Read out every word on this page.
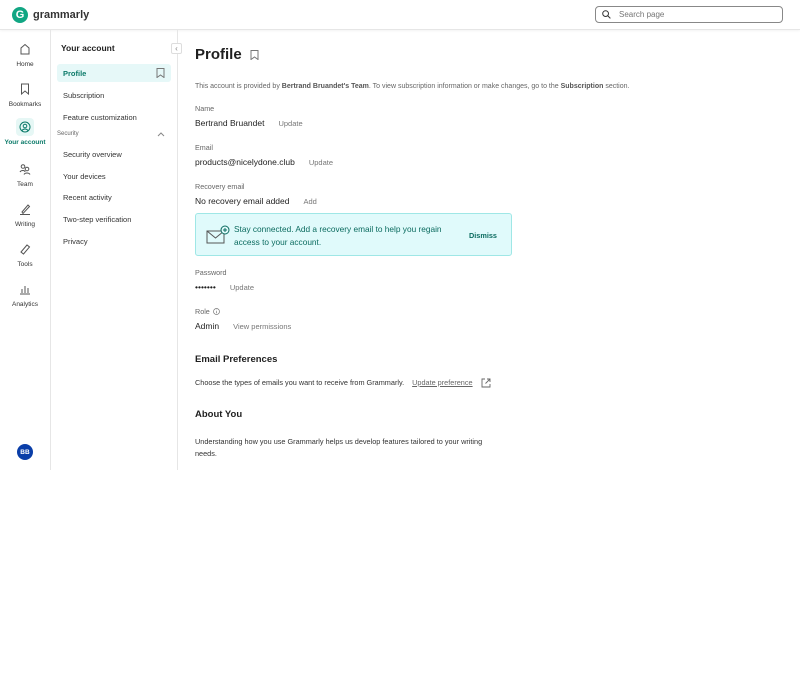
G grammarly
Search page
Home
Bookmarks
Your account
Team
Writing
Tools
Analytics
BB
Your account
Profile
Subscription
Feature customization
Security
Security overview
Your devices
Recent activity
Two-step verification
Privacy
‹ Profile
This account is provided by Bertrand Bruandet's Team. To view subscription information or make changes, go to the Subscription section.
Name
Bertrand Bruandet Update
Email
products@nicelydone.club Update
Recovery email
No recovery email added Add
Stay connected. Add a recovery email to help you regain access to your account.
Dismiss
Password
••••••• Update
Role
Admin View permissions
Email Preferences
Choose the types of emails you want to receive from Grammarly. Update preference
About You
Understanding how you use Grammarly helps us develop features tailored to your writing needs.
